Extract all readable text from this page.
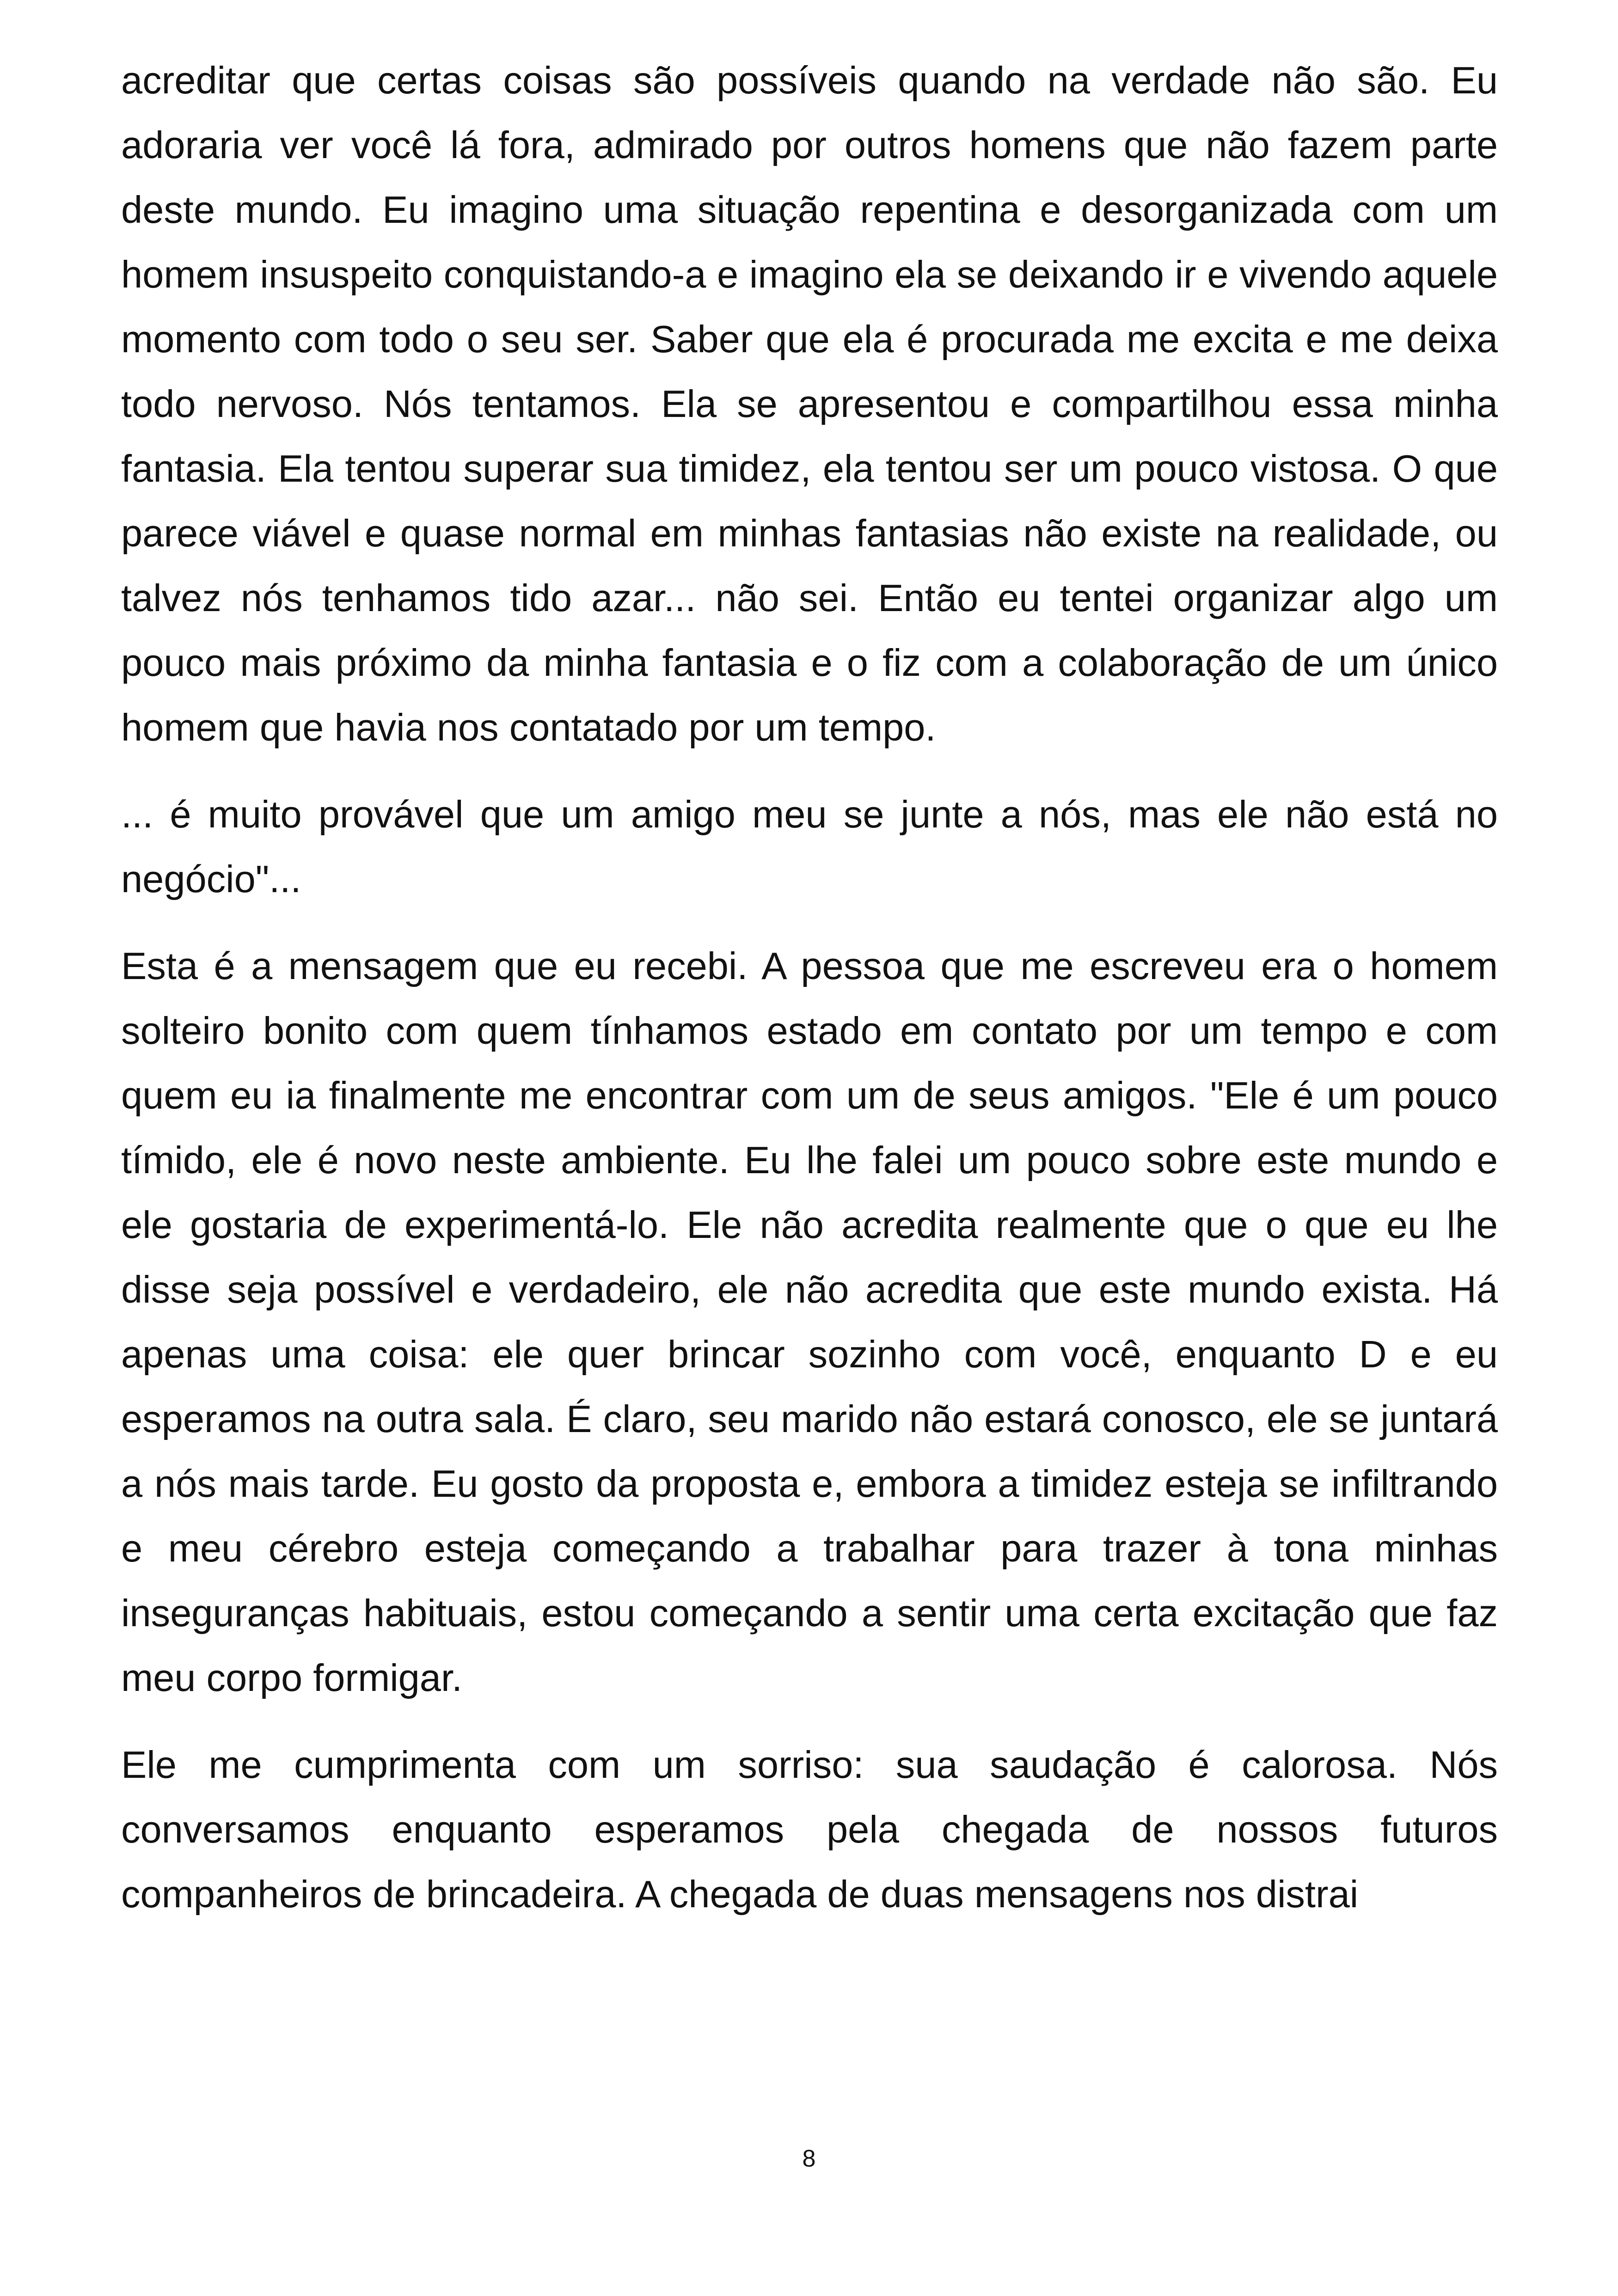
acreditar que certas coisas são possíveis quando na verdade não são. Eu adoraria ver você lá fora, admirado por outros homens que não fazem parte deste mundo. Eu imagino uma situação repentina e desorganizada com um homem insuspeito conquistando-a e imagino ela se deixando ir e vivendo aquele momento com todo o seu ser. Saber que ela é procurada me excita e me deixa todo nervoso. Nós tentamos. Ela se apresentou e compartilhou essa minha fantasia. Ela tentou superar sua timidez, ela tentou ser um pouco vistosa. O que parece viável e quase normal em minhas fantasias não existe na realidade, ou talvez nós tenhamos tido azar... não sei. Então eu tentei organizar algo um pouco mais próximo da minha fantasia e o fiz com a colaboração de um único homem que havia nos contatado por um tempo.

... é muito provável que um amigo meu se junte a nós, mas ele não está no negócio"...

Esta é a mensagem que eu recebi. A pessoa que me escreveu era o homem solteiro bonito com quem tínhamos estado em contato por um tempo e com quem eu ia finalmente me encontrar com um de seus amigos. "Ele é um pouco tímido, ele é novo neste ambiente. Eu lhe falei um pouco sobre este mundo e ele gostaria de experimentá-lo. Ele não acredita realmente que o que eu lhe disse seja possível e verdadeiro, ele não acredita que este mundo exista. Há apenas uma coisa: ele quer brincar sozinho com você, enquanto D e eu esperamos na outra sala. É claro, seu marido não estará conosco, ele se juntará a nós mais tarde. Eu gosto da proposta e, embora a timidez esteja se infiltrando e meu cérebro esteja começando a trabalhar para trazer à tona minhas inseguranças habituais, estou começando a sentir uma certa excitação que faz meu corpo formigar.

Ele me cumprimenta com um sorriso: sua saudação é calorosa. Nós conversamos enquanto esperamos pela chegada de nossos futuros companheiros de brincadeira. A chegada de duas mensagens nos distrai

8
